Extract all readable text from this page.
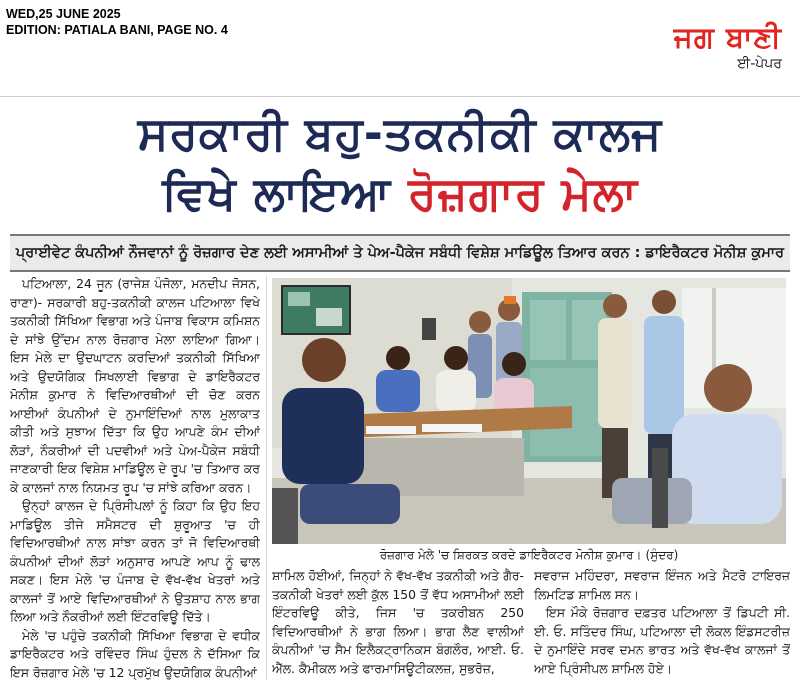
WED,25 JUNE 2025
EDITION: PATIALA BANI, PAGE NO. 4	ਜਗ ਬਾਣੀ
ਈ-ਪੇਪਰ
ਸਰਕਾਰੀ ਬਹੁ-ਤਕਨੀਕੀ ਕਾਲਜ
ਵਿਖੇ ਲਾਇਆ ਰੋਜ਼ਗਾਰ ਮੇਲਾ
ਪ੍ਰਾਈਵੇਟ ਕੰਪਨੀਆਂ ਨੌਜਵਾਨਾਂ ਨੂੰ ਰੋਜ਼ਗਾਰ ਦੇਣ ਲਈ ਅਸਾਮੀਆਂ ਤੇ ਪੇਅ-ਪੈਕੇਜ ਸਬੰਧੀ ਵਿਸ਼ੇਸ਼ ਮਾਡਿਊਲ ਤਿਆਰ ਕਰਨ : ਡਾਇਰੈਕਟਰ ਮੋਨੀਸ਼ ਕੁਮਾਰ

ਪਟਿਆਲਾ, 24 ਜੂਨ (ਰਾਜੇਸ਼ ਪੰਜੋਲਾ, ਮਨਦੀਪ ਜੋਸਨ, ਰਾਣਾ)- ਸਰਕਾਰੀ ਬਹੁ-ਤਕਨੀਕੀ ਕਾਲਜ ਪਟਿਆਲਾ ਵਿਖੇ ਤਕਨੀਕੀ ਸਿੱਖਿਆ ਵਿਭਾਗ ਅਤੇ ਪੰਜਾਬ ਵਿਕਾਸ ਕਮਿਸ਼ਨ ਦੇ ਸਾਂਝੇ ਉੱਦਮ ਨਾਲ ਰੋਜ਼ਗਾਰ ਮੇਲਾ ਲਾਇਆ ਗਿਆ। ਇਸ ਮੇਲੇ ਦਾ ਉਦਘਾਟਨ ਕਰਦਿਆਂ ਤਕਨੀਕੀ ਸਿੱਖਿਆ ਅਤੇ ਉਦਯੋਗਿਕ ਸਿਖਲਾਈ ਵਿਭਾਗ ਦੇ ਡਾਇਰੈਕਟਰ ਮੋਨੀਸ਼ ਕੁਮਾਰ ਨੇ ਵਿਦਿਆਰਥੀਆਂ ਦੀ ਚੋਣ ਕਰਨ ਆਈਆਂ ਕੰਪਨੀਆਂ ਦੇ ਨੁਮਾਇੰਦਿਆਂ ਨਾਲ ਮੁਲਾਕਾਤ ਕੀਤੀ ਅਤੇ ਸੁਝਾਅ ਦਿੱਤਾ ਕਿ ਉਹ ਆਪਣੇ ਕੰਮ ਦੀਆਂ ਲੋੜਾਂ, ਨੌਕਰੀਆਂ ਦੀ ਪਦਵੀਆਂ ਅਤੇ ਪੇਅ-ਪੈਕੇਜ ਸਬੰਧੀ ਜਾਣਕਾਰੀ ਇਕ ਵਿਸ਼ੇਸ਼ ਮਾਡਿਊਲ ਦੇ ਰੂਪ 'ਚ ਤਿਆਰ ਕਰ ਕੇ ਕਾਲਜਾਂ ਨਾਲ ਨਿਯਮਤ ਰੂਪ 'ਚ ਸਾਂਝੇ ਕਰਿਆ ਕਰਨ।

ਉਨ੍ਹਾਂ ਕਾਲਜ ਦੇ ਪ੍ਰਿੰਸੀਪਲਾਂ ਨੂੰ ਕਿਹਾ ਕਿ ਉਹ ਇਹ ਮਾਡਿਊਲ ਤੀਜੇ ਸਮੈਸਟਰ ਦੀ ਸ਼ੁਰੂਆਤ 'ਚ ਹੀ ਵਿਦਿਆਰਥੀਆਂ ਨਾਲ ਸਾਂਝਾ ਕਰਨ ਤਾਂ ਜੋ ਵਿਦਿਆਰਥੀ ਕੰਪਨੀਆਂ ਦੀਆਂ ਲੋੜਾਂ ਅਨੁਸਾਰ ਆਪਣੇ ਆਪ ਨੂੰ ਢਾਲ ਸਕਣ। ਇਸ ਮੇਲੇ 'ਚ ਪੰਜਾਬ ਦੇ ਵੱਖ-ਵੱਖ ਖੇਤਰਾਂ ਅਤੇ ਕਾਲਜਾਂ ਤੋਂ ਆਏ ਵਿਦਿਆਰਥੀਆਂ ਨੇ ਉਤਸ਼ਾਹ ਨਾਲ ਭਾਗ ਲਿਆ ਅਤੇ ਨੌਕਰੀਆਂ ਲਈ ਇੰਟਰਵਿਊ ਦਿੱਤੇ।

ਮੇਲੇ 'ਚ ਪਹੁੰਚੇ ਤਕਨੀਕੀ ਸਿੱਖਿਆ ਵਿਭਾਗ ਦੇ ਵਧੀਕ ਡਾਇਰੈਕਟਰ ਅਤੇ ਰਵਿੰਦਰ ਸਿੰਘ ਹੁੰਦਲ ਨੇ ਦੱਸਿਆ ਕਿ ਇਸ ਰੋਜ਼ਗਾਰ ਮੇਲੇ 'ਚ 12 ਪ੍ਰਮੁੱਖ ਉਦਯੋਗਿਕ ਕੰਪਨੀਆਂ

ਰੋਜ਼ਗਾਰ ਮੇਲੇ 'ਚ ਸ਼ਿਰਕਤ ਕਰਦੇ ਡਾਇਰੈਕਟਰ ਮੋਨੀਸ਼ ਕੁਮਾਰ। (ਸੁੰਦਰ)

ਸ਼ਾਮਿਲ ਹੋਈਆਂ, ਜਿਨ੍ਹਾਂ ਨੇ ਵੱਖ-ਵੱਖ ਤਕਨੀਕੀ ਅਤੇ ਗੈਰ-ਤਕਨੀਕੀ ਖੇਤਰਾਂ ਲਈ ਕੁੱਲ 150 ਤੋਂ ਵੱਧ ਅਸਾਮੀਆਂ ਲਈ ਇੰਟਰਵਿਊ ਕੀਤੇ, ਜਿਸ 'ਚ ਤਕਰੀਬਨ 250 ਵਿਦਿਆਰਥੀਆਂ ਨੇ ਭਾਗ ਲਿਆ। ਭਾਗ ਲੈਣ ਵਾਲੀਆਂ ਕੰਪਨੀਆਂ 'ਚ ਸੈਮ ਇਲੈਕਟ੍ਰਾਨਿਕਸ ਬੰਗਲੌਰ, ਆਈ. ਓ. ਐੱਲ. ਕੈਮੀਕਲ ਅਤੇ ਫਾਰਮਾਸਿਊਟੀਕਲਜ਼, ਸੁਭਰੋਜ਼,

ਸਵਰਾਜ ਮਹਿੰਦਰਾ, ਸਵਰਾਜ ਇੰਜਨ ਅਤੇ ਮੈਟਰੋ ਟਾਇਰਜ਼ ਲਿਮਟਿਡ ਸ਼ਾਮਿਲ ਸਨ।

ਇਸ ਮੌਕੇ ਰੋਜ਼ਗਾਰ ਦਫ਼ਤਰ ਪਟਿਆਲਾ ਤੋਂ ਡਿਪਟੀ ਸੀ. ਈ. ਓ. ਸਤਿੰਦਰ ਸਿੰਘ, ਪਟਿਆਲਾ ਦੀ ਲੋਕਲ ਇੰਡਸਟਰੀਜ਼ ਦੇ ਨੁਮਾਇੰਦੇ ਸਰਵ ਦਮਨ ਭਾਰਤ ਅਤੇ ਵੱਖ-ਵੱਖ ਕਾਲਜਾਂ ਤੋਂ ਆਏ ਪ੍ਰਿੰਸੀਪਲ ਸ਼ਾਮਿਲ ਹੋਏ।
